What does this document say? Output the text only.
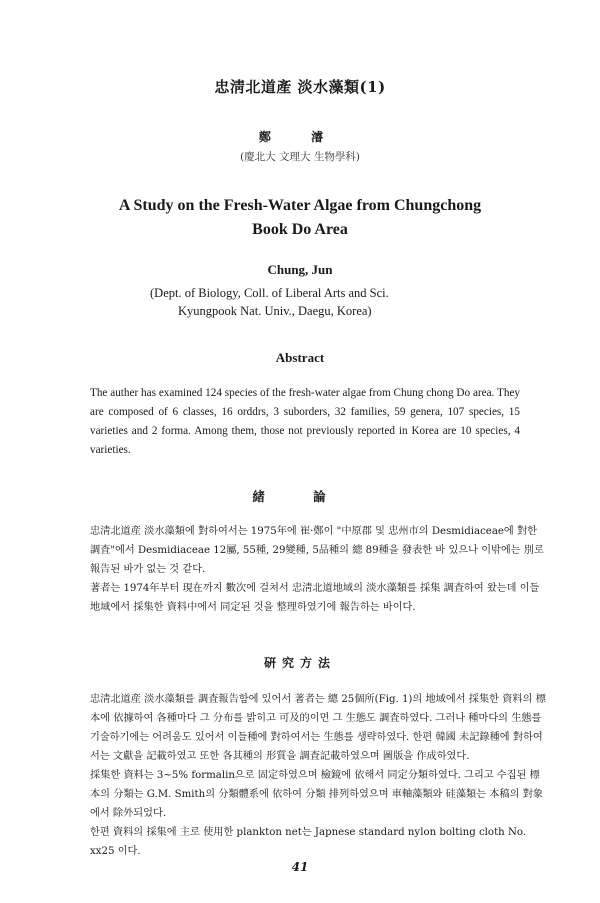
忠淸北道產 淡水藻類(1)
鄭 濬
(慶北大 文理大 生物學科)
A Study on the Fresh-Water Algae from Chungchong
Book Do Area
Chung, Jun
(Dept. of Biology, Coll. of Liberal Arts and Sci.
Kyungpook Nat. Univ., Daegu, Korea)
Abstract
The auther has examined 124 species of the fresh-water algae from Chung chong Do area. They are composed of 6 classes, 16 orddrs, 3 suborders, 32 families, 59 genera, 107 species, 15 varieties and 2 forma. Among them, those not previously reported in Korea are 10 species, 4 varieties.
緒 論

忠淸北道産 淡水藻類에 對하여서는 1975年에 崔·鄭이 "中原郡 및 忠州市의 Desmidiaceae에 對한 調査"에서 Desmidiaceae 12屬, 55種, 29變種, 5品種의 總 89種을 發表한 바 있으나 이밖에는 別로 報告된 바가 없는 것 같다.

著者는 1974年부터 現在까지 數次에 걸쳐서 忠淸北道地域의 淡水藻類를 採集 調査하여 왔는데 이들 地域에서 採集한 資料中에서 同定된 것을 整理하였기에 報告하는 바이다.

硏究方法

忠淸北道産 淡水藻類를 調査報告함에 있어서 著者는 總 25個所(Fig. 1)의 地域에서 採集한 資料의 標本에 依據하여 各種마다 그 分布를 밝히고 可及的이면 그 生態도 調査하였다. 그러나 種마다의 生態를 기술하기에는 어려움도 있어서 이들種에 對하여서는 生態를 생략하였다. 한편 韓國 未記錄種에 對하여서는 文獻을 記載하였고 또한 各其種의 形質을 調査記載하였으며 圖版을 作成하였다.

採集한 資料는 3~5% formalin으로 固定하였으며 檢鏡에 依해서 同定分類하였다. 그리고 수집된 標本의 分類는 G.M. Smith의 分類體系에 依하여 分類 排列하였으며 車軸藻類와 硅藻類는 本稿의 對象에서 除外되었다.

한편 資料의 採集에 主로 使用한 plankton net는 Japnese standard nylon bolting cloth No. xx25 이다.

41
